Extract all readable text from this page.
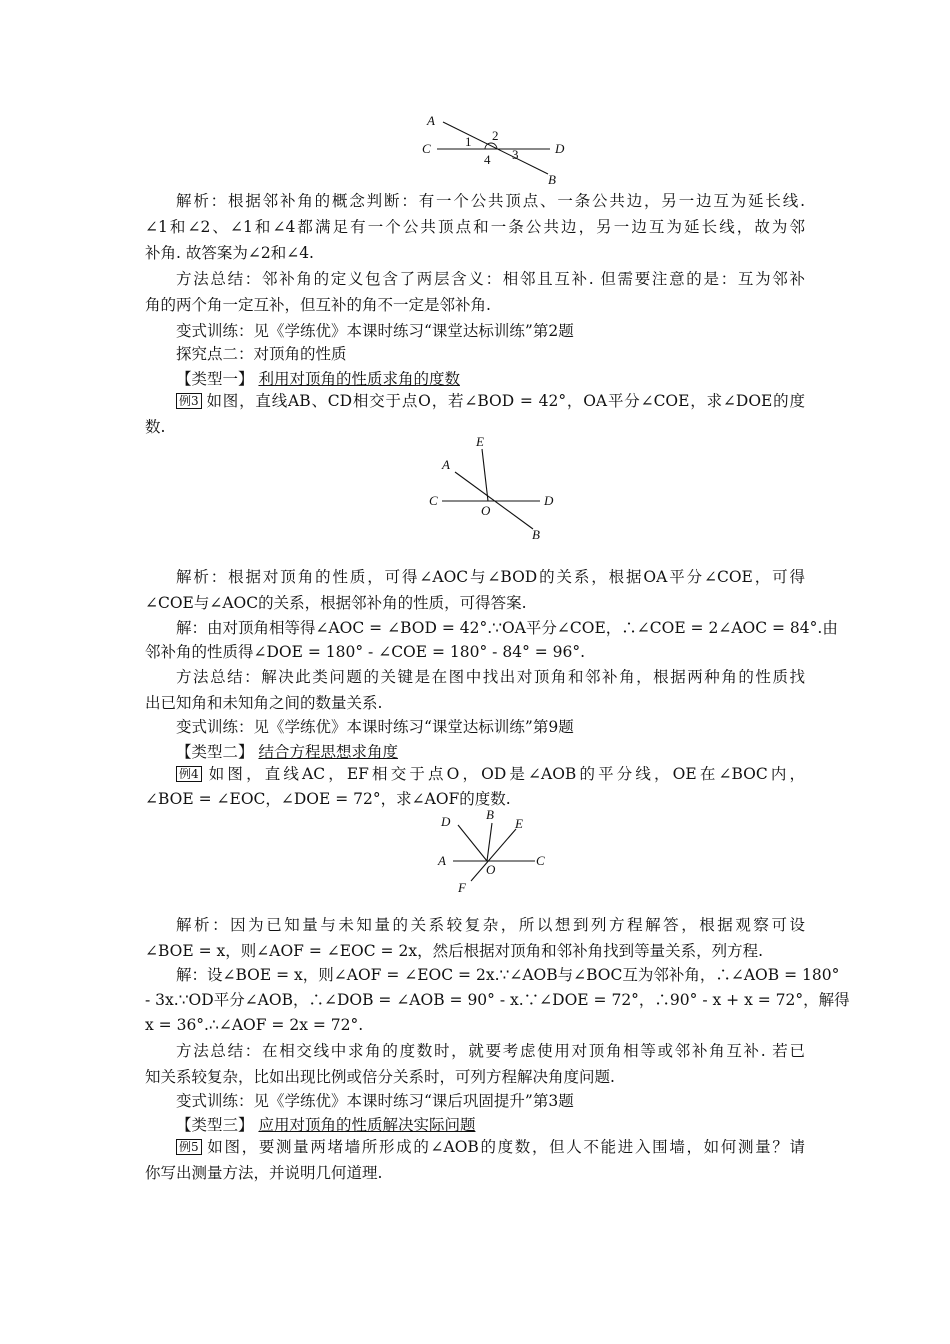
A
2
C	1
4 3	D
B
解析：根据邻补角的概念判断：有一个公共顶点、一条公共边，另一边互为延长线.
∠1和∠2、∠1和∠4都满足有一个公共顶点和一条公共边，另一边互为延长线，故为邻
补角. 故答案为∠2和∠4.
方法总结：邻补角的定义包含了两层含义：相邻且互补. 但需要注意的是：互为邻补
角的两个角一定互补，但互补的角不一定是邻补角.
变式训练：见《学练优》本课时练习“课堂达标训练”第2题
探究点二：对顶角的性质
【类型一】 利用对顶角的性质求角的度数
例3 如图，直线AB、CD相交于点O，若∠BOD = 42°，OA平分∠COE，求∠DOE的度
数.
E
A
C
O
D
B
解析：根据对顶角的性质，可得∠AOC与∠BOD的关系，根据OA平分∠COE，可得
∠COE与∠AOC的关系，根据邻补角的性质，可得答案.
解：由对顶角相等得∠AOC = ∠BOD = 42°.∵OA平分∠COE，∴∠COE = 2∠AOC = 84°.由
邻补角的性质得∠DOE = 180° - ∠COE = 180° - 84° = 96°.
方法总结：解决此类问题的关键是在图中找出对顶角和邻补角，根据两种角的性质找
出已知角和未知角之间的数量关系.
变式训练：见《学练优》本课时练习“课堂达标训练”第9题
【类型二】 结合方程思想求角度
例4 如图，直线AC，EF相交于点O，OD是∠AOB的平分线，OE在∠BOC内，
∠BOE = ∠EOC，∠DOE = 72°，求∠AOF的度数.
D	B
E
A
O
C
F
解析：因为已知量与未知量的关系较复杂，所以想到列方程解答，根据观察可设
∠BOE = x，则∠AOF = ∠EOC = 2x，然后根据对顶角和邻补角找到等量关系，列方程.
解：设∠BOE = x，则∠AOF = ∠EOC = 2x.∵∠AOB与∠BOC互为邻补角，∴∠AOB = 180°
- 3x.∵OD平分∠AOB，∴∠DOB = ∠AOB = 90° - x.∵∠DOE = 72°，∴90° - x + x = 72°，解得
x = 36°.∴∠AOF = 2x = 72°.
方法总结：在相交线中求角的度数时，就要考虑使用对顶角相等或邻补角互补. 若已
知关系较复杂，比如出现比例或倍分关系时，可列方程解决角度问题.
变式训练：见《学练优》本课时练习“课后巩固提升”第3题
【类型三】 应用对顶角的性质解决实际问题
例5 如图，要测量两堵墙所形成的∠AOB的度数，但人不能进入围墙，如何测量？请
你写出测量方法，并说明几何道理.
